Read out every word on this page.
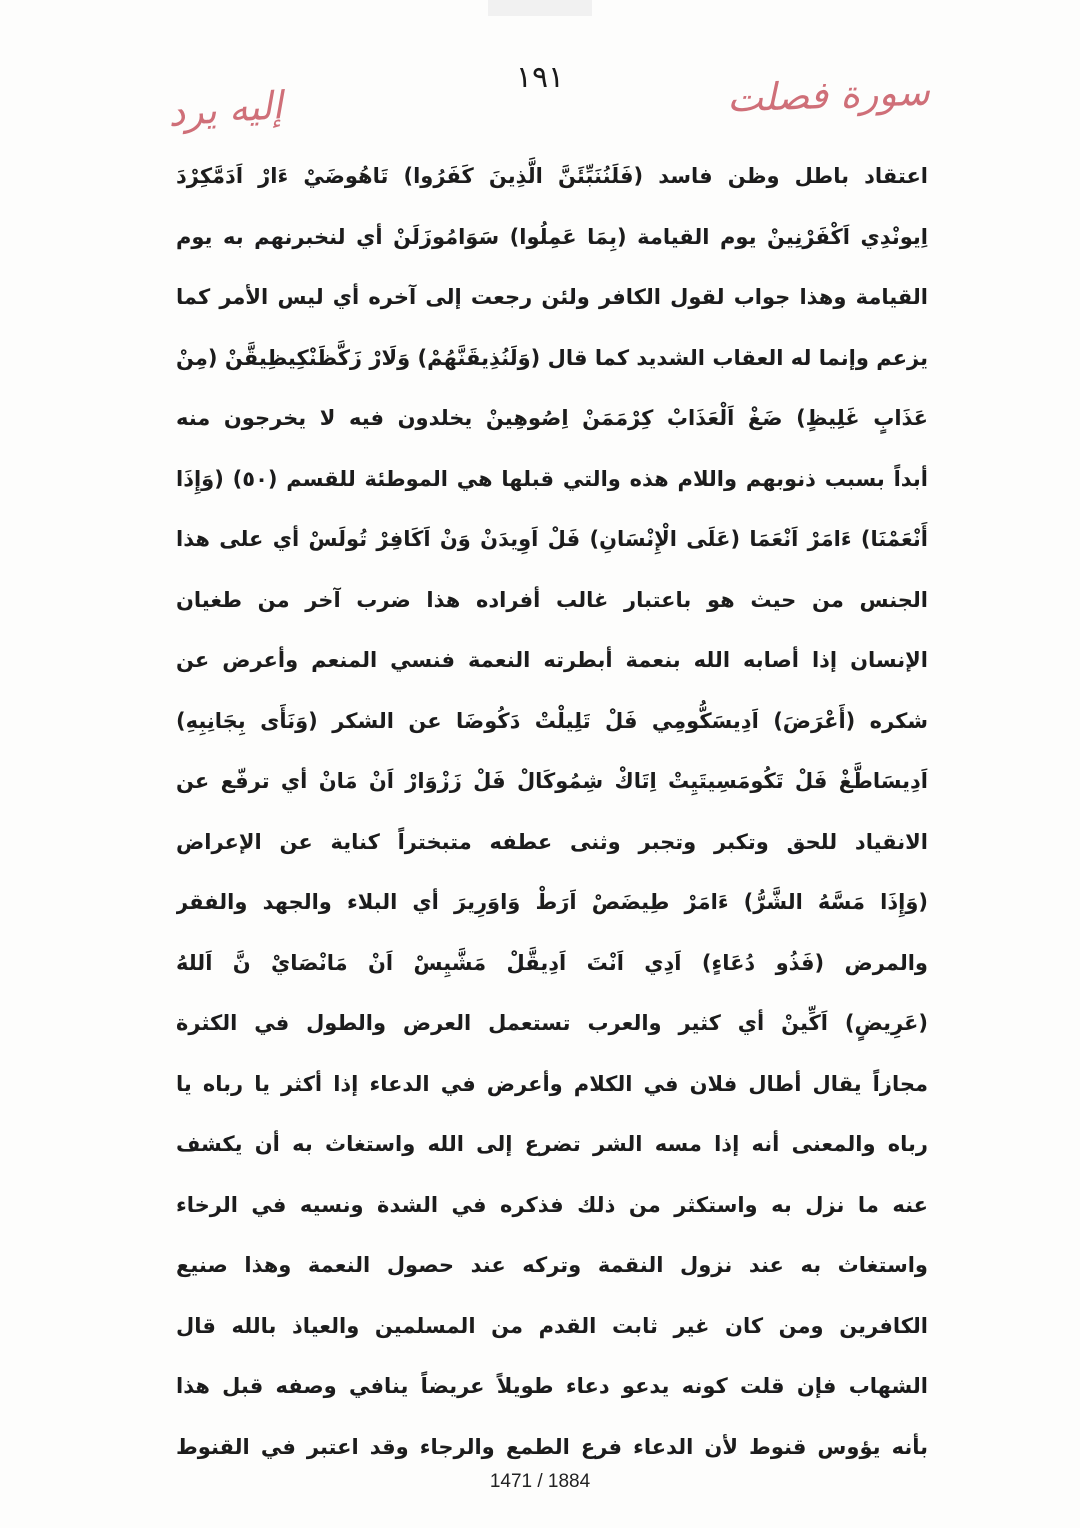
سورة فصلت
١٩١
إليه يرد
اعتقاد باطل وظن فاسد (فَلَنُنَبِّئَنَّ الَّذِينَ كَفَرُوا) تَاهُوضَيْ ءَارْ اَدَمَّكِرْدَ
اِيونْدِي اَكْفَرْنِينْ يوم القيامة (بِمَا عَمِلُوا) سَوَامُوزَلَنْ أي لنخبرنهم به يوم
القيامة وهذا جواب لقول الكافر ولئن رجعت إلى آخره أي ليس الأمر كما
يزعم وإنما له العقاب الشديد كما قال (وَلَنُذِيقَنَّهُمْ) وَلَارْ زَكَّظَنْكِيظِيقَّنْ (مِنْ
عَذَابٍ غَلِيظٍ) ضَغْ اَلْعَذَابْ كِرْمَمَنْ اِصُوهِينْ يخلدون فيه لا يخرجون منه
أبداً بسبب ذنوبهم واللام هذه والتي قبلها هي الموطئة للقسم (٥٠) (وَإِذَا
أَنْعَمْنَا) ءَامَرْ اَنْعَمَا (عَلَى الْإِنْسَانِ) فَلْ اَوِيدَنْ وَنْ اَكَافِرْ تُولَسْ أي على هذا
الجنس من حيث هو باعتبار غالب أفراده هذا ضرب آخر من طغيان
الإنسان إذا أصابه الله بنعمة أبطرته النعمة فنسي المنعم وأعرض عن
شكره (أَعْرَضَ) اَدِيسَكُّومِي فَلْ تَلِيلْتْ دَكُوضَا عن الشكر (وَنَأَى بِجَانِبِهِ)
اَدِيسَاطَّغْ فَلْ تَكُومَسِيتَيِتْ اِتَاكْ شِمُوكَالْ فَلْ زَزْوَارْ اَنْ مَانْ أي ترفّع عن
الانقياد للحق وتكبر وتجبر وثنى عطفه متبختراً كناية عن الإعراض
(وَإِذَا مَسَّهُ الشَّرُّ) ءَامَرْ طِيضَصْ اَرَطْ وَاوَرِيرَ أي البلاء والجهد والفقر
والمرض (فَذُو دُعَاءٍ) اَدِي اَنْتَ اَدِيقَّلْ مَشَّيِسْ اَنْ مَانْصَايْ نَّ اَللهُ
(عَرِيضٍ) اَكِّينْ أي كثير والعرب تستعمل العرض والطول في الكثرة
مجازاً يقال أطال فلان في الكلام وأعرض في الدعاء إذا أكثر يا رباه يا
رباه والمعنى أنه إذا مسه الشر تضرع إلى الله واستغاث به أن يكشف
عنه ما نزل به واستكثر من ذلك فذكره في الشدة ونسيه في الرخاء
واستغاث به عند نزول النقمة وتركه عند حصول النعمة وهذا صنيع
الكافرين ومن كان غير ثابت القدم من المسلمين والعياذ بالله قال
الشهاب فإن قلت كونه يدعو دعاء طويلاً عريضاً ينافي وصفه قبل هذا
بأنه يؤوس قنوط لأن الدعاء فرع الطمع والرجاء وقد اعتبر في القنوط
1471 / 1884
